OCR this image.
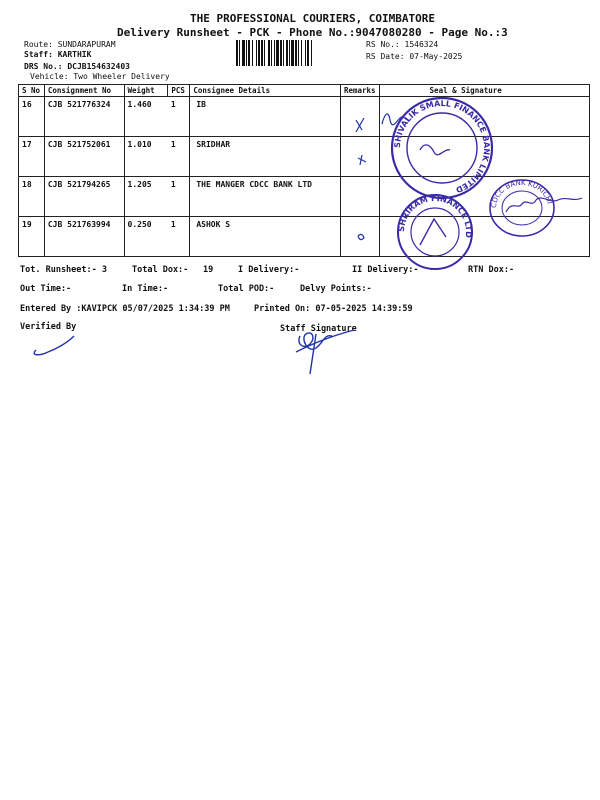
THE PROFESSIONAL COURIERS, COIMBATORE
Delivery Runsheet - PCK - Phone No.:9047080280 - Page No.:3
Route: SUNDARAPURAM
Staff: KARTHIK
DRS No.: DCJB154632403
Vehicle: Two Wheeler Delivery
RS No.: 1546324
RS Date: 07-May-2025
S No	Consignment No	Weight	PCS	Consignee Details	Remarks	Seal & Signature
16	CJB 521776324	1.460	1	IB		
17	CJB 521752061	1.010	1	SRIDHAR		
18	CJB 521794265	1.205	1	THE MANGER CDCC BANK LTD		
19	CJB 521763994	0.250	1	ASHOK S		
Tot. Runsheet:- 3	Total Dox:- 19	I Delivery:-	II Delivery:-	RTN Dox:-
Out Time:-	In Time:-	Total POD:-	Delvy Points:-
Entered By :KAVIPCK 05/07/2025 1:34:39 PM	Printed On: 07-05-2025 14:39:59
Verified By	Staff Signature
SHIVALIK SMALL FINANCE BANK LIMITED
SHRIRAM FINANCE LTD
CDCC BANK KURICHI
